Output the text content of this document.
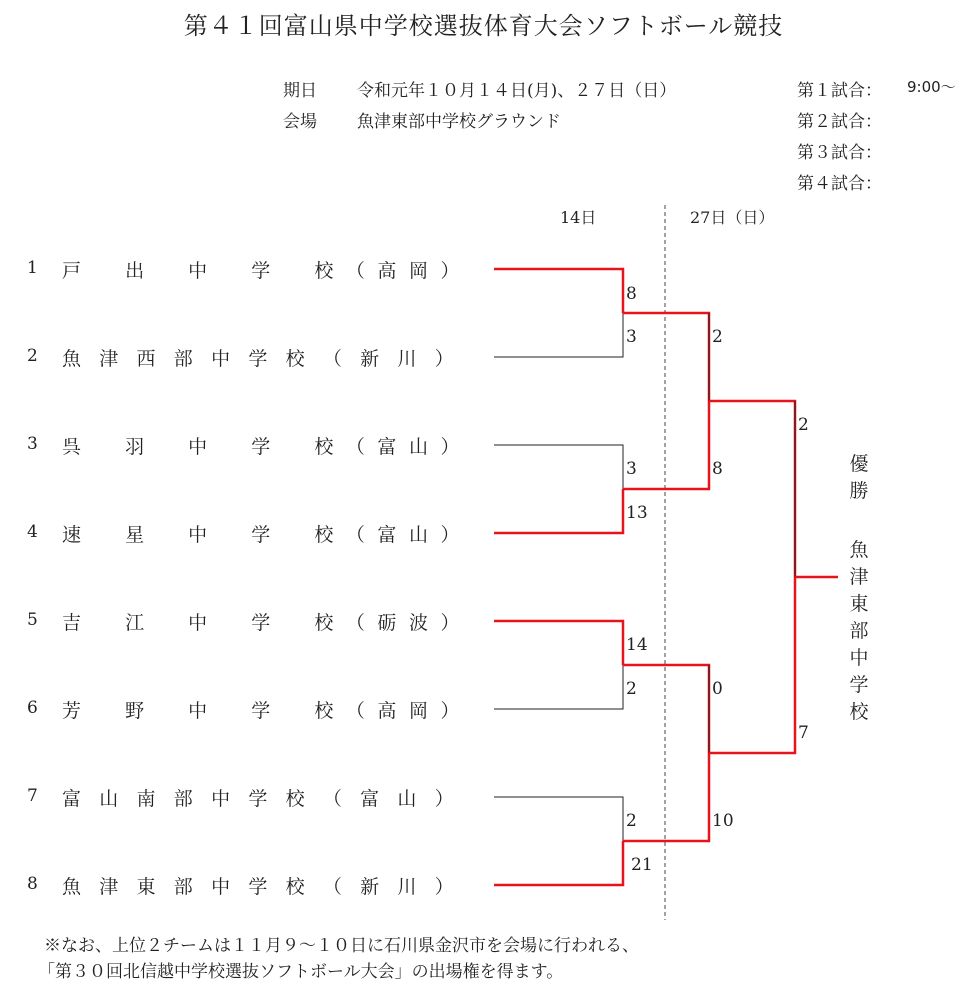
第４１回富山県中学校選抜体育大会ソフトボール競技
期日 令和元年１０月１４日(月)、２７日（日）
会場 魚津東部中学校グラウンド
第１試合： 9:00～
第２試合：
第３試合：
第４試合：
14日	27日（日）
1 戸　出　中　学　校（高岡）
2 魚津西部中学校（新川）
3 呉　羽　中　学　校（富山）
4 速　星　中　学　校（富山）
5 吉　江　中　学　校（砺波）
6 芳　野　中　学　校（高岡）
7 富山南部中学校（富山）
8 魚津東部中学校（新川）
8
3
3
13
14
2
2
21
2
8
0
10
2
7
優勝
魚津東部中学校
※なお、上位２チームは１１月９～１０日に石川県金沢市を会場に行われる、
「第３０回北信越中学校選抜ソフトボール大会」の出場権を得ます。
